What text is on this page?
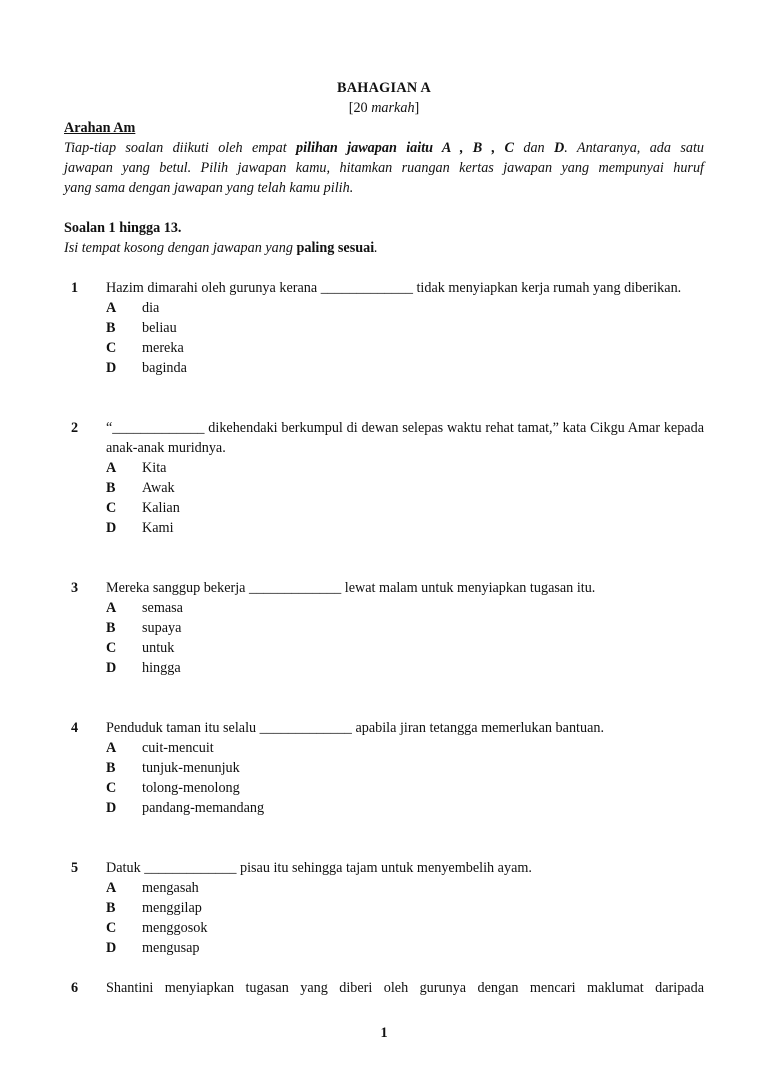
BAHAGIAN A
[20 markah]
Arahan Am
Tiap-tiap soalan diikuti oleh empat pilihan jawapan iaitu A , B , C dan D. Antaranya, ada satu
jawapan yang betul. Pilih jawapan kamu, hitamkan ruangan kertas jawapan yang mempunyai huruf
yang sama dengan jawapan yang telah kamu pilih.
Soalan 1 hingga 13.
Isi tempat kosong dengan jawapan yang paling sesuai.
1	Hazim dimarahi oleh gurunya kerana _____________ tidak menyiapkan kerja rumah yang diberikan.
A	dia
B	beliau
C	mereka
D	baginda
2	“_____________ dikehendaki berkumpul di dewan selepas waktu rehat tamat,” kata Cikgu Amar kepada anak-anak muridnya.
A	Kita
B	Awak
C	Kalian
D	Kami
3	Mereka sanggup bekerja _____________ lewat malam untuk menyiapkan tugasan itu.
A	semasa
B	supaya
C	untuk
D	hingga
4	Penduduk taman itu selalu _____________ apabila jiran tetangga memerlukan bantuan.
A	cuit-mencuit
B	tunjuk-menunjuk
C	tolong-menolong
D	pandang-memandang
5	Datuk _____________ pisau itu sehingga tajam untuk menyembelih ayam.
A	mengasah
B	menggilap
C	menggosok
D	mengusap
6	Shantini menyiapkan tugasan yang diberi oleh gurunya dengan mencari maklumat daripada
1
